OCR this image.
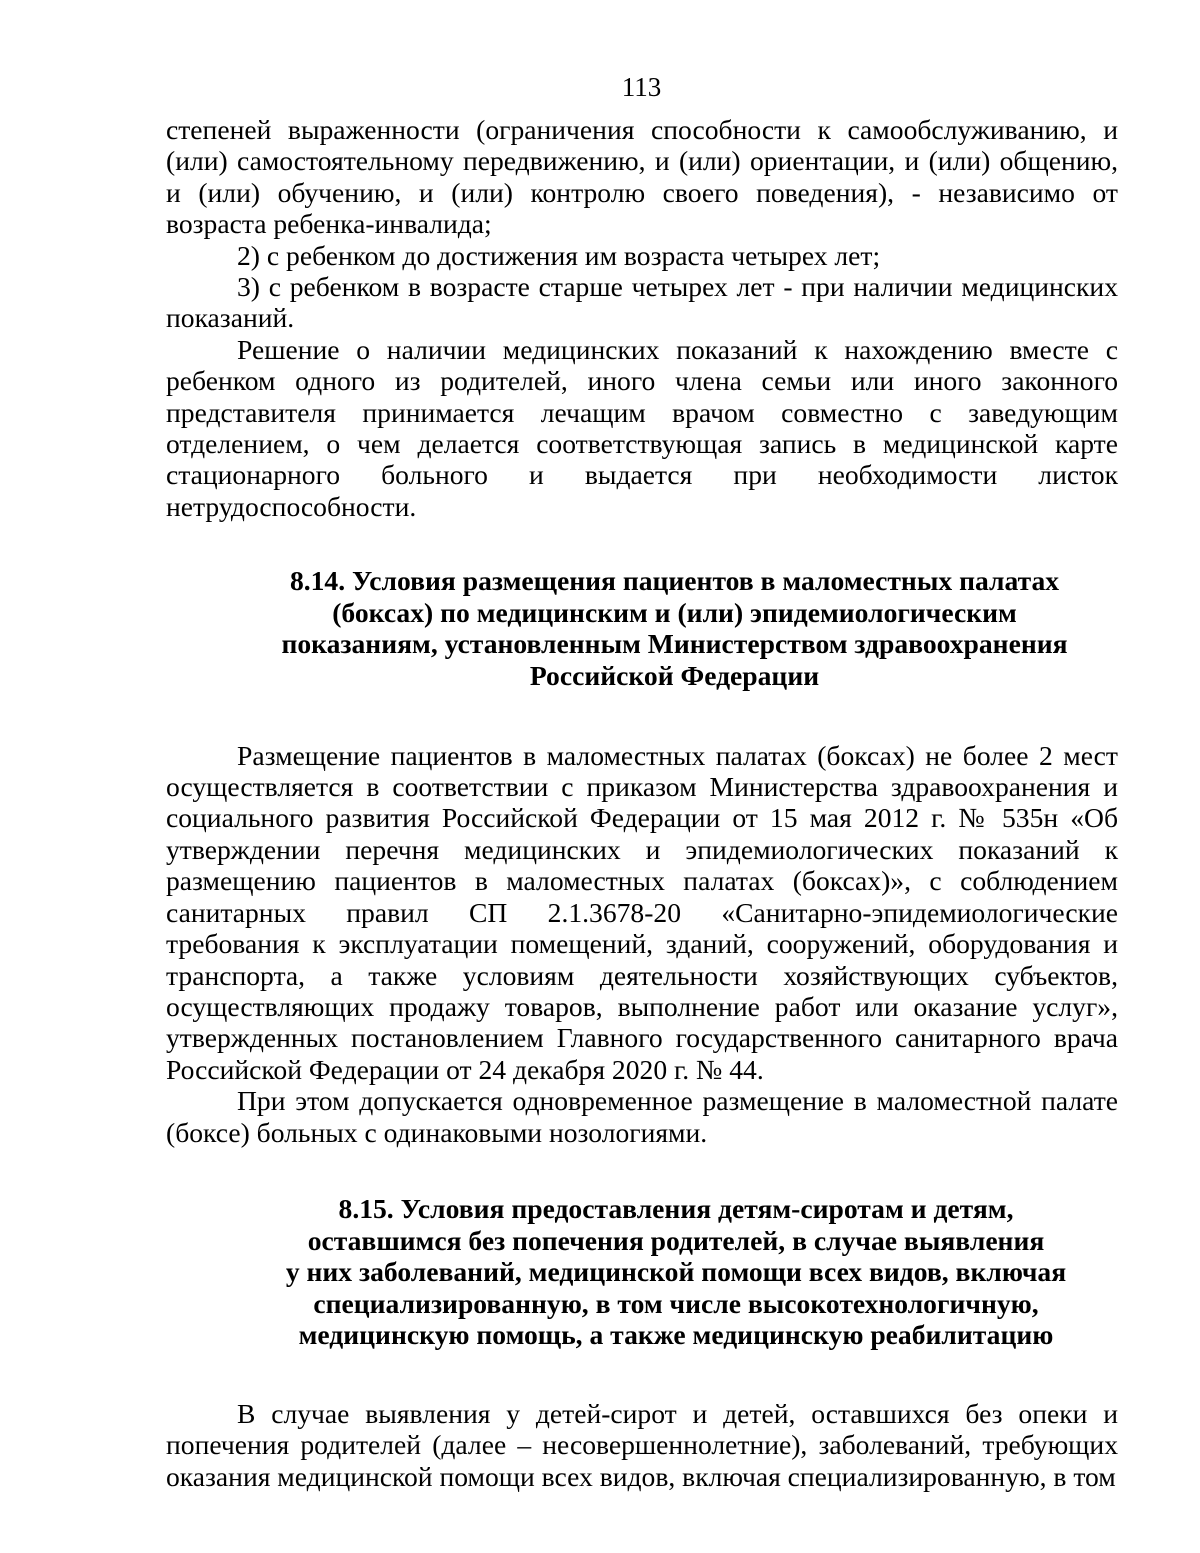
113

степеней выраженности (ограничения способности к самообслуживанию, и (или) самостоятельному передвижению, и (или) ориентации, и (или) общению, и (или) обучению, и (или) контролю своего поведения), - независимо от возраста ребенка-инвалида;

2) с ребенком до достижения им возраста четырех лет;

3) с ребенком в возрасте старше четырех лет - при наличии медицинских показаний.

Решение о наличии медицинских показаний к нахождению вместе с ребенком одного из родителей, иного члена семьи или иного законного представителя принимается лечащим врачом совместно с заведующим отделением, о чем делается соответствующая запись в медицинской карте стационарного больного и выдается при необходимости листок нетрудоспособности.

8.14. Условия размещения пациентов в маломестных палатах
(боксах) по медицинским и (или) эпидемиологическим
показаниям, установленным Министерством здравоохранения
Российской Федерации

Размещение пациентов в маломестных палатах (боксах) не более 2 мест осуществляется в соответствии с приказом Министерства здравоохранения и социального развития Российской Федерации от 15 мая 2012 г. № 535н «Об утверждении перечня медицинских и эпидемиологических показаний к размещению пациентов в маломестных палатах (боксах)», с соблюдением санитарных правил СП 2.1.3678-20 «Санитарно-эпидемиологические требования к эксплуатации помещений, зданий, сооружений, оборудования и транспорта, а также условиям деятельности хозяйствующих субъектов, осуществляющих продажу товаров, выполнение работ или оказание услуг», утвержденных постановлением Главного государственного санитарного врача Российской Федерации от 24 декабря 2020 г. № 44.

При этом допускается одновременное размещение в маломестной палате (боксе) больных с одинаковыми нозологиями.

8.15. Условия предоставления детям-сиротам и детям,
оставшимся без попечения родителей, в случае выявления
у них заболеваний, медицинской помощи всех видов, включая
специализированную, в том числе высокотехнологичную,
медицинскую помощь, а также медицинскую реабилитацию

В случае выявления у детей-сирот и детей, оставшихся без опеки и попечения родителей (далее – несовершеннолетние), заболеваний, требующих оказания медицинской помощи всех видов, включая специализированную, в том
